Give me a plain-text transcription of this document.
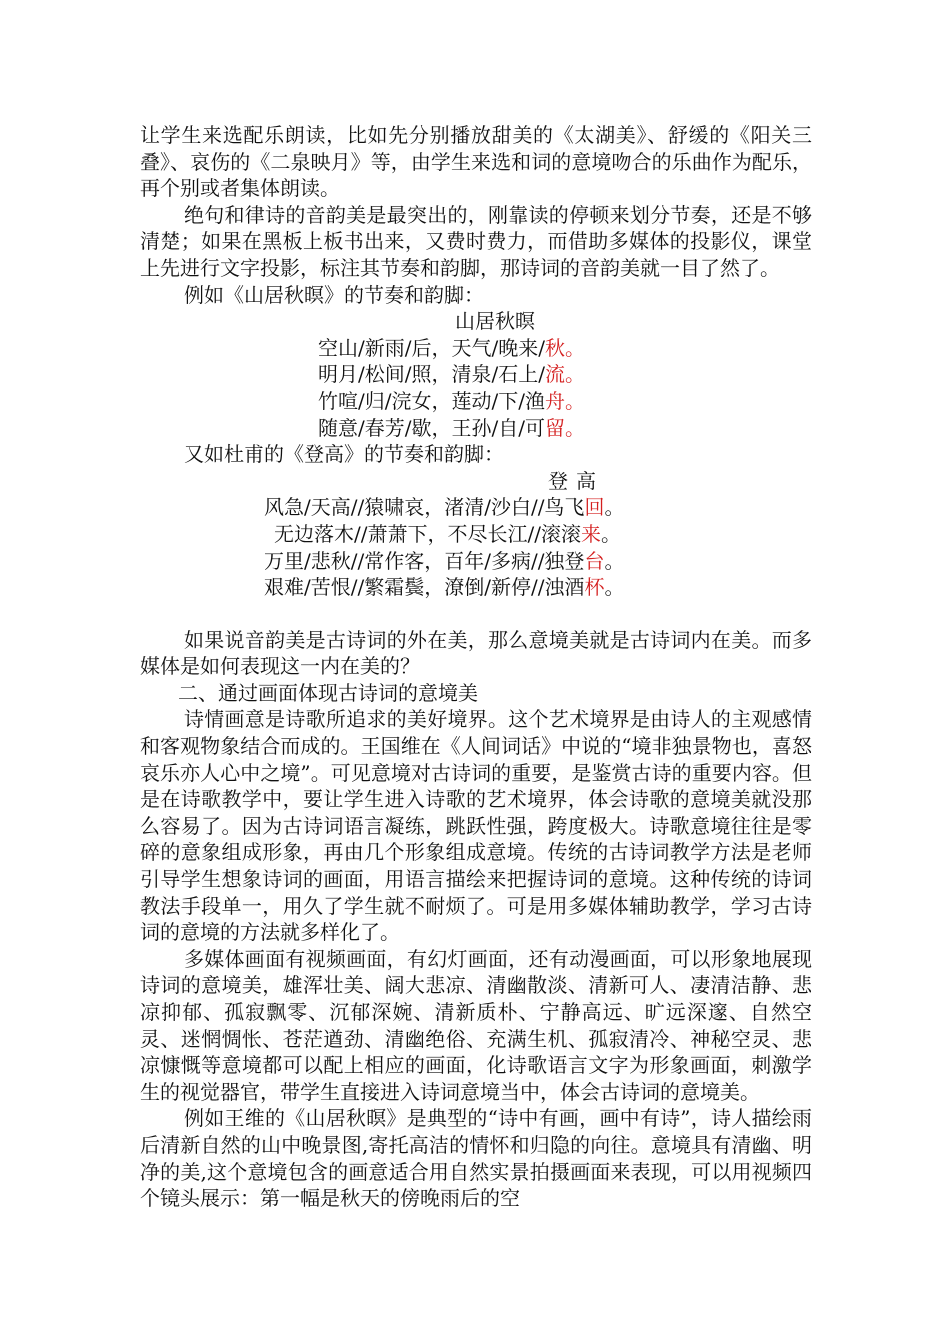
让学生来选配乐朗读，比如先分别播放甜美的《太湖美》、舒缓的《阳关三叠》、哀伤的《二泉映月》等，由学生来选和词的意境吻合的乐曲作为配乐，再个别或者集体朗读。

绝句和律诗的音韵美是最突出的，刚靠读的停顿来划分节奏，还是不够清楚；如果在黑板上板书出来，又费时费力，而借助多媒体的投影仪，课堂上先进行文字投影，标注其节奏和韵脚，那诗词的音韵美就一目了然了。

例如《山居秋暝》的节奏和韵脚：

山居秋暝

空山/新雨/后，天气/晚来/秋。

明月/松间/照，清泉/石上/流。

竹喧/归/浣女，莲动/下/渔舟。

随意/春芳/歇，王孙/自/可留。

又如杜甫的《登高》的节奏和韵脚：

登高

风急/天高//猿啸哀，渚清/沙白//鸟飞回。

无边落木//萧萧下，不尽长江//滚滚来。

万里/悲秋//常作客，百年/多病//独登台。

艰难/苦恨//繁霜鬓，潦倒/新停//浊酒杯。

如果说音韵美是古诗词的外在美，那么意境美就是古诗词内在美。而多媒体是如何表现这一内在美的？

二、通过画面体现古诗词的意境美

诗情画意是诗歌所追求的美好境界。这个艺术境界是由诗人的主观感情和客观物象结合而成的。王国维在《人间词话》中说的“境非独景物也，喜怒哀乐亦人心中之境”。可见意境对古诗词的重要，是鉴赏古诗的重要内容。但是在诗歌教学中，要让学生进入诗歌的艺术境界，体会诗歌的意境美就没那么容易了。因为古诗词语言凝练，跳跃性强，跨度极大。诗歌意境往往是零碎的意象组成形象，再由几个形象组成意境。传统的古诗词教学方法是老师引导学生想象诗词的画面，用语言描绘来把握诗词的意境。这种传统的诗词教法手段单一，用久了学生就不耐烦了。可是用多媒体辅助教学，学习古诗词的意境的方法就多样化了。

多媒体画面有视频画面，有幻灯画面，还有动漫画面，可以形象地展现诗词的意境美，雄浑壮美、阔大悲凉、清幽散淡、清新可人、凄清洁静、悲凉抑郁、孤寂飘零、沉郁深婉、清新质朴、宁静高远、旷远深邃、自然空灵、迷惘惆怅、苍茫遒劲、清幽绝俗、充满生机、孤寂清冷、神秘空灵、悲凉慷慨等意境都可以配上相应的画面，化诗歌语言文字为形象画面，刺激学生的视觉器官，带学生直接进入诗词意境当中，体会古诗词的意境美。

例如王维的《山居秋暝》是典型的“诗中有画，画中有诗”，诗人描绘雨后清新自然的山中晚景图,寄托高洁的情怀和归隐的向往。意境具有清幽、明净的美,这个意境包含的画意适合用自然实景拍摄画面来表现，可以用视频四个镜头展示：第一幅是秋天的傍晚雨后的空
